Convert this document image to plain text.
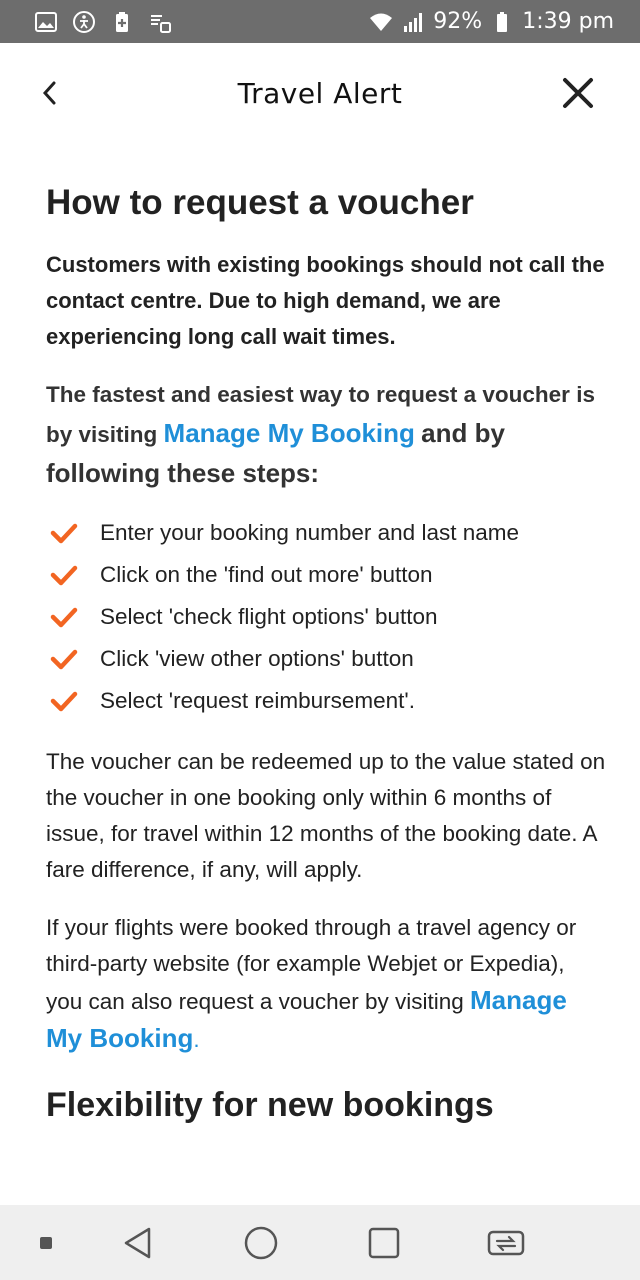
92% 1:39 pm
Travel Alert
How to request a voucher

Customers with existing bookings should not call the contact centre. Due to high demand, we are experiencing long call wait times.

The fastest and easiest way to request a voucher is by visiting Manage My Booking and by following these steps:

Enter your booking number and last name
Click on the 'find out more' button
Select 'check flight options' button
Click 'view other options' button
Select 'request reimbursement'.

The voucher can be redeemed up to the value stated on the voucher in one booking only within 6 months of issue, for travel within 12 months of the booking date. A fare difference, if any, will apply.

If your flights were booked through a travel agency or third-party website (for example Webjet or Expedia), you can also request a voucher by visiting Manage My Booking.

Flexibility for new bookings
